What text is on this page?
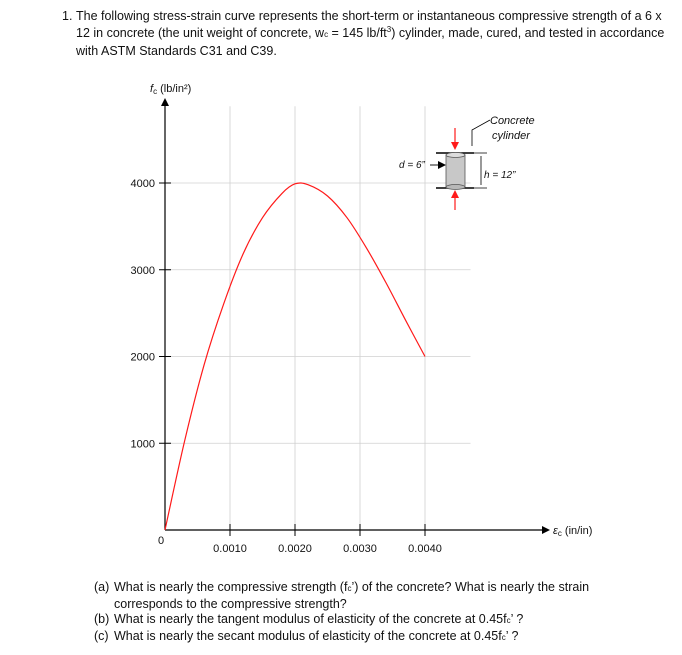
1. The following stress-strain curve represents the short-term or instantaneous compressive strength of a 6 x 12 in concrete (the unit weight of concrete, wc = 145 $lb/ft^3$) cylinder, made, cured, and tested in accordance with ASTM Standards C31 and C39.
0.0010	0.0020	0.0030	0.0040
1000
2000
3000
4000
fc (lb/in²)
εc (in/in)
0
Concrete
cylinder
d = 6”
h = 12”
(a) What is nearly the compressive strength (fc’) of the concrete? What is nearly the strain
corresponds to the compressive strength?
(b) What is nearly the tangent modulus of elasticity of the concrete at 0.45fc’ ?
(c) What is nearly the secant modulus of elasticity of the concrete at 0.45fc’ ?
